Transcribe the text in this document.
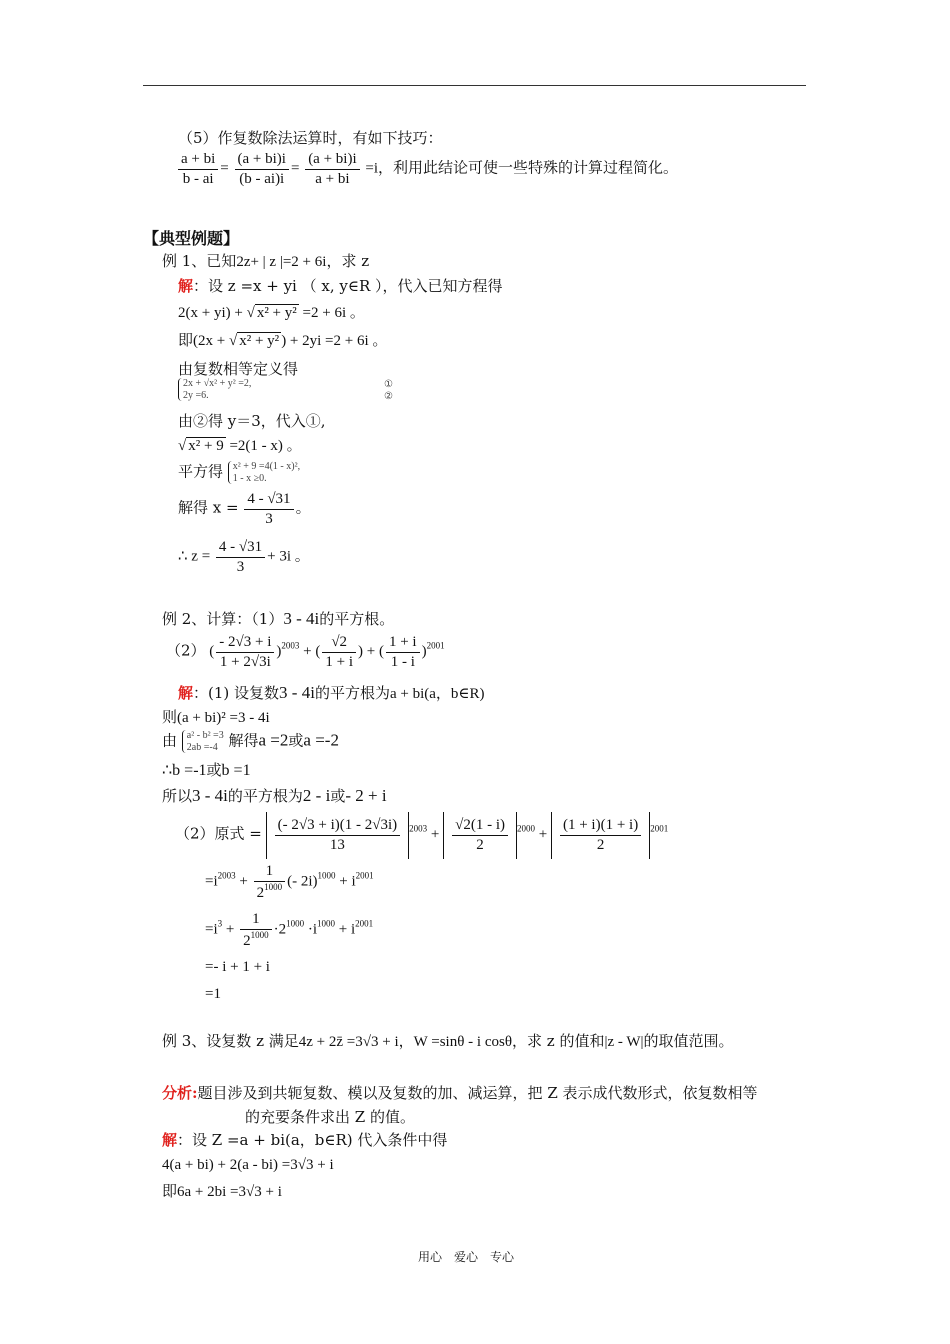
（5）作复数除法运算时，有如下技巧：
$\frac{a + bi}{b - ai} = \frac{(a + bi)i}{(b - ai)i} = \frac{(a + bi)i}{a + bi} =i$，利用此结论可使一些特殊的计算过程简化。
【典型例题】
例 1、已知2z+ | z |=2 + 6i，求 z
解：设 z =x + yi （ x, y∈R ），代入已知方程得
2(x + yi) + √ x² + y² =2 + 6i 。
即(2x + √ x² + y² ) + 2yi =2 + 6i 。
由复数相等定义得
2x + √x² + y² =2,
2y =6.
①
②
由②得 y＝3，代入①,
√ x² + 9 =2(1 - x) 。
平方得 x² + 9 =4(1 - x)²,
1 - x ≥0.
解得 $x = \frac{4 - √31}{3}$ 。
∴ $z = \frac{4 - √31}{3} + 3i$ 。
例 2、计算：（1）3 - 4i的平方根。
（2） ( $\frac{- 2√3 + i}{1 + 2√3i} )^{2003}$ + ( $\frac{√2}{1 + i}$ ) + ( $\frac{1 + i}{1 - i} )^{2001}$
解：(1) 设复数3 - 4i的平方根为a + bi(a，b∈R)
则(a + bi)² =3 - 4i
由 a² - b² =3
2ab =-4 解得a =2或a =-2
∴b =-1或b =1
所以3 - 4i的平方根为2 - i或- 2 + i
（2）原式 = $\frac{(- 2√3 + i)(1 - 2√3i)}{13} ^{2003} + \frac{√2(1 - i)}{2} ^{2000} + \frac{(1 + i)(1 + i)}{2} ^{2001}$
$=i^{2003} + \frac{1}{2^{1000}}$ (- $2i)^{1000} + i^{2001}$
$=i^3 + \frac{1}{2^{1000}} \cdot 2^{1000} \cdot i^{1000} + i^{2001}$
=- i + 1 + i
=1
例 3、设复数 z 满足4z + 2z̄ =3√3 + i，W =sinθ - i cosθ，求 z 的值和|z - W|的取值范围。
分析:题目涉及到共轭复数、模以及复数的加、减运算，把 Z 表示成代数形式，依复数相等
的充要条件求出 Z 的值。
解：设 Z =a + bi(a，b∈R) 代入条件中得
4(a + bi) + 2(a - bi) =3√3 + i
即6a + 2bi =3√3 + i
用心　爱心　专心
